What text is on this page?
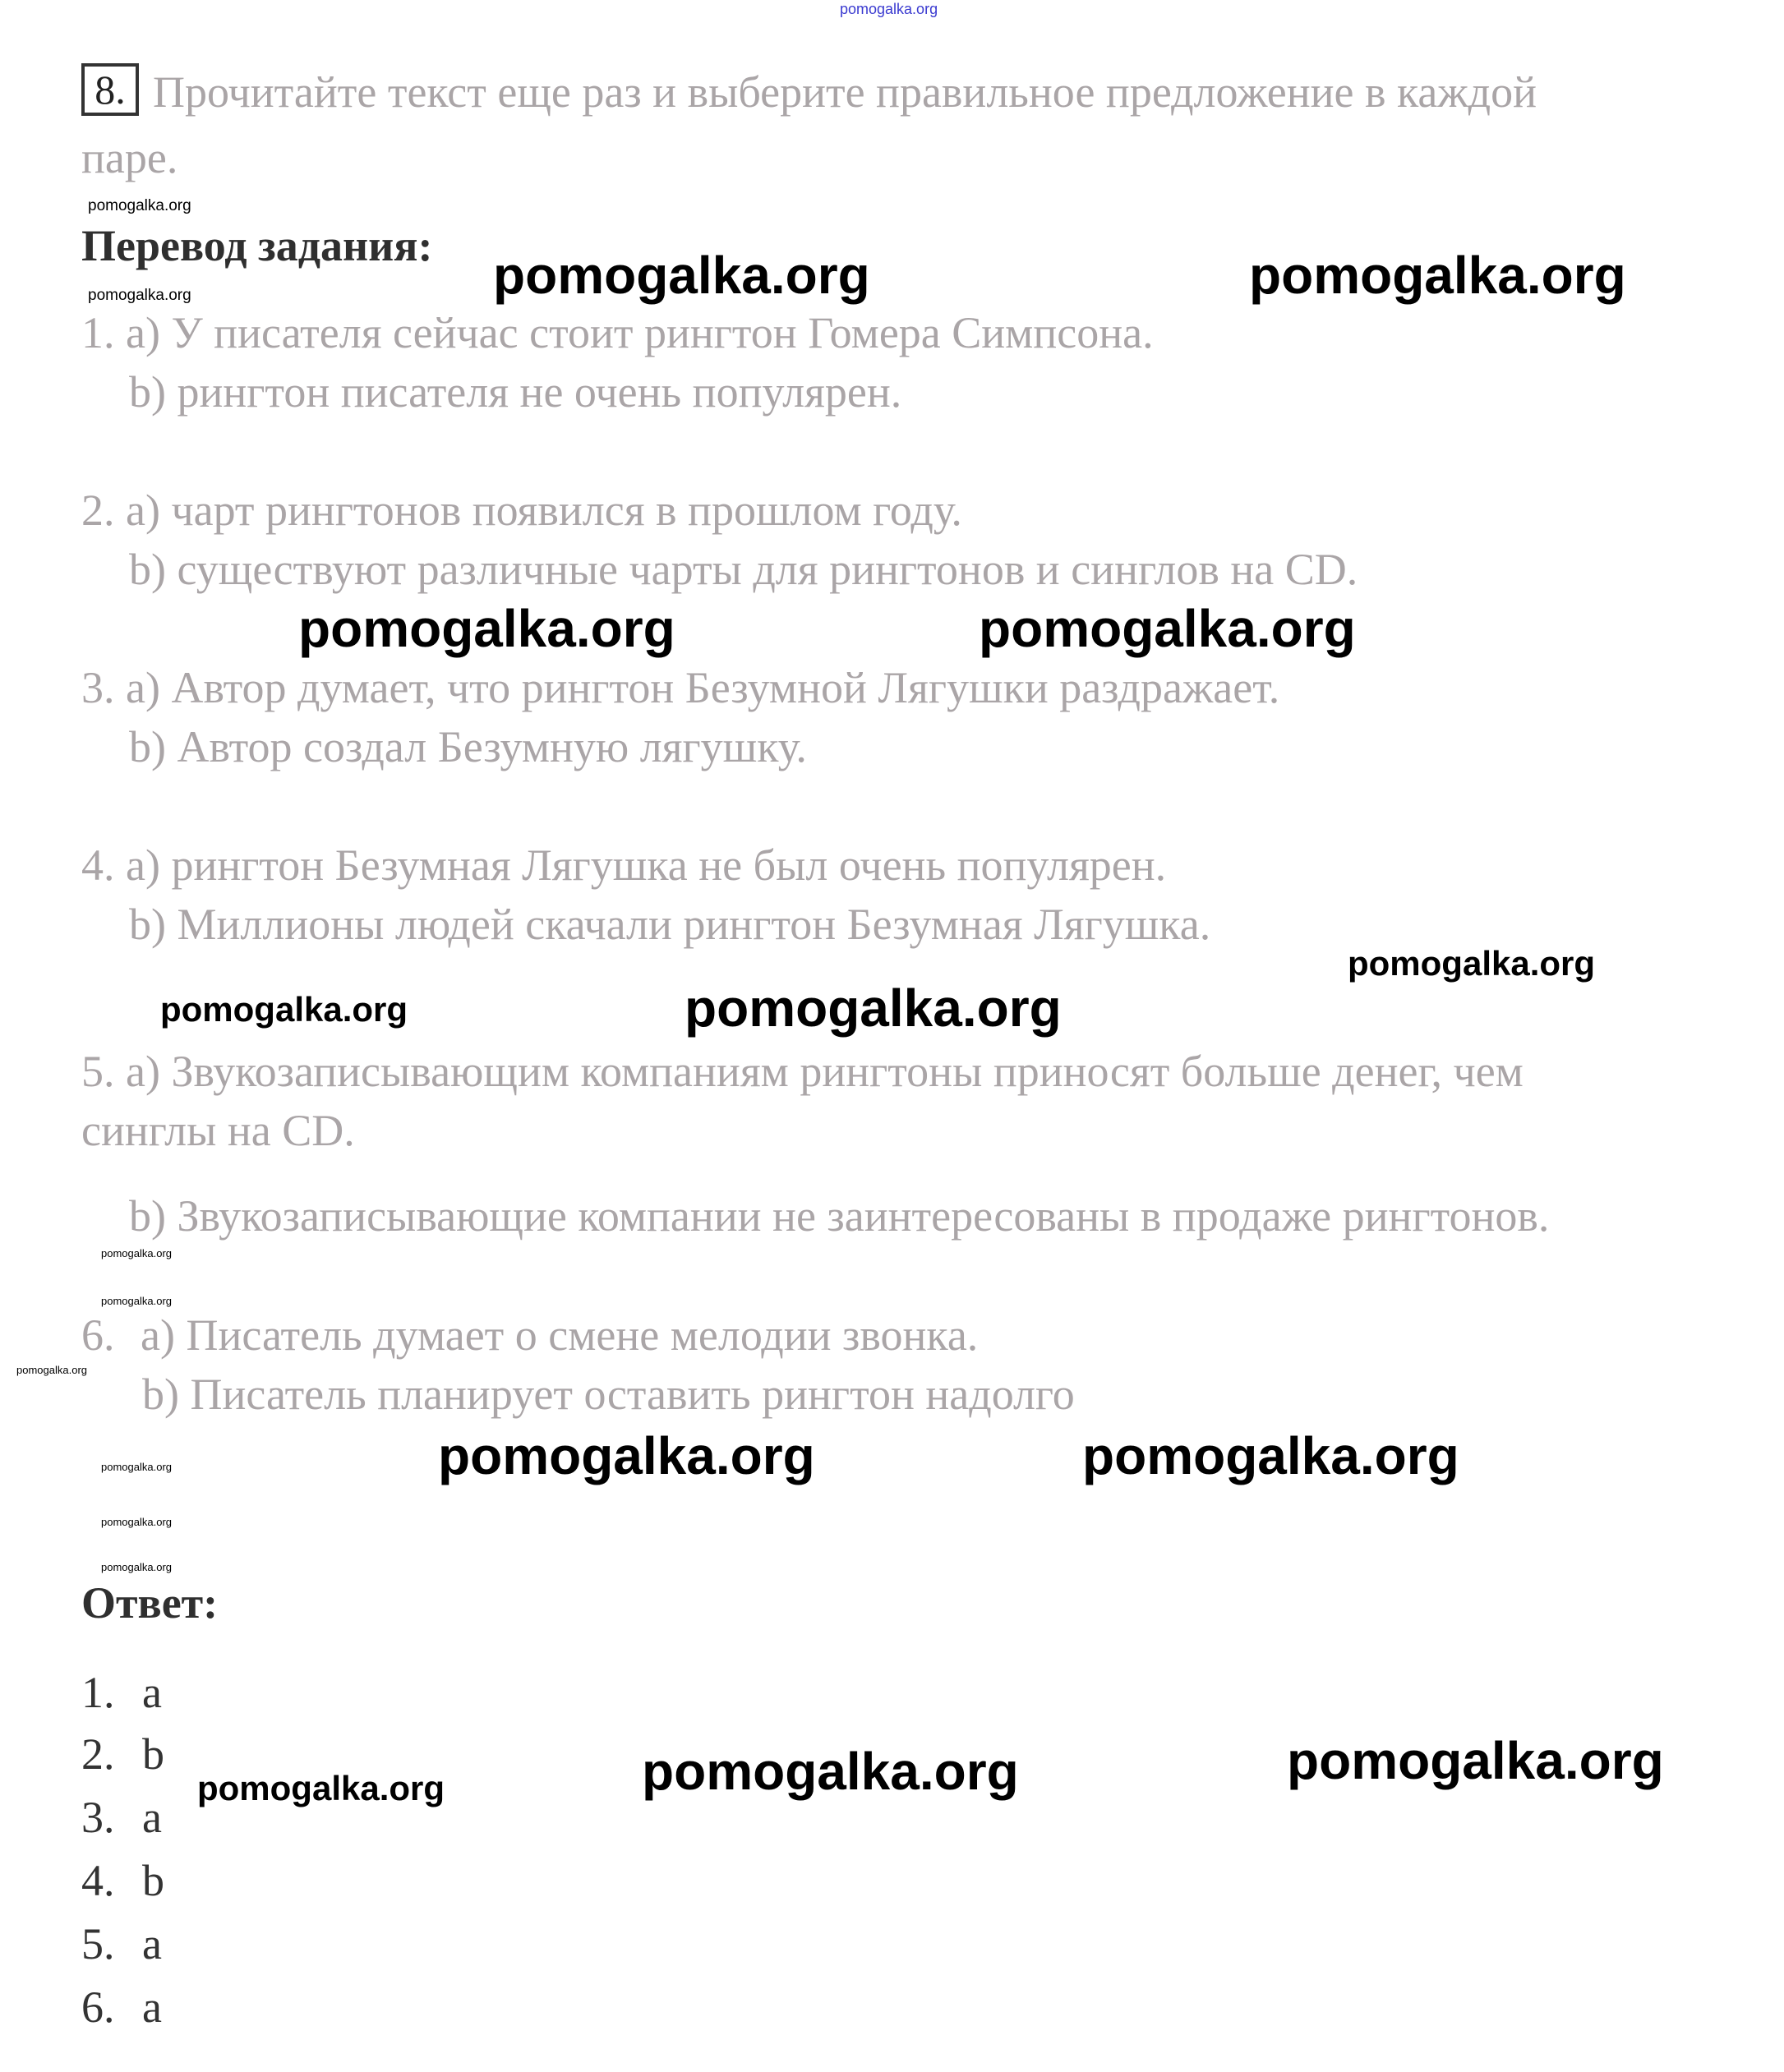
pomogalka.org
8. Прочитайте текст еще раз и выберите правильное предложение в каждой
паре.
pomogalka.org
Перевод задания:
pomogalka.org
1. a) У писателя сейчас стоит рингтон Гомера Симпсона.
b) рингтон писателя не очень популярен.
2. a) чарт рингтонов появился в прошлом году.
b) существуют различные чарты для рингтонов и синглов на CD.
3. a) Автор думает, что рингтон Безумной Лягушки раздражает.
b) Автор создал Безумную лягушку.
4. a) рингтон Безумная Лягушка не был очень популярен.
b) Миллионы людей скачали рингтон Безумная Лягушка.
5. a) Звукозаписывающим компаниям рингтоны приносят больше денег, чем
синглы на CD.
b) Звукозаписывающие компании не заинтересованы в продаже рингтонов.
6. a) Писатель думает о смене мелодии звонка.
b) Писатель планирует оставить рингтон надолго
Ответ:
1. a
2. b
3. a
4. b
5. a
6. a
pomogalka.org	pomogalka.org
pomogalka.org	pomogalka.org
pomogalka.org
pomogalka.org	pomogalka.org
pomogalka.org
pomogalka.org
pomogalka.org
pomogalka.org
pomogalka.org
pomogalka.org
pomogalka.org	pomogalka.org
pomogalka.org	pomogalka.org	pomogalka.org
